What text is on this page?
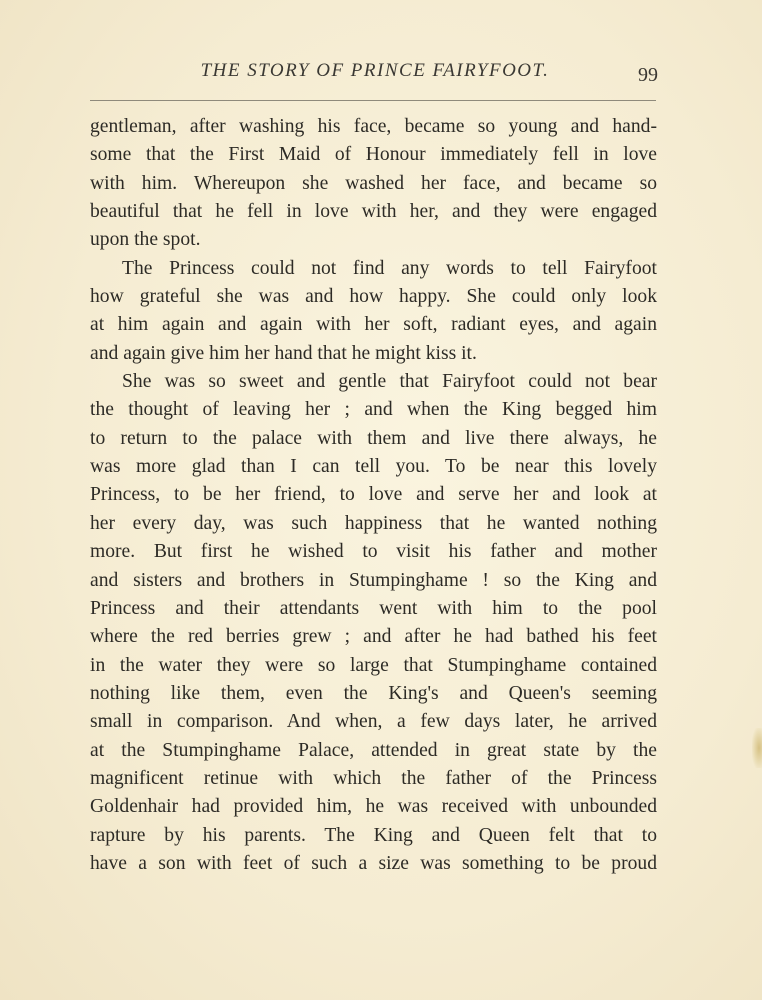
THE STORY OF PRINCE FAIRYFOOT.	99
gentleman, after washing his face, became so young and hand-
some that the First Maid of Honour immediately fell in love
with him. Whereupon she washed her face, and became so
beautiful that he fell in love with her, and they were engaged
upon the spot.
The Princess could not find any words to tell Fairyfoot
how grateful she was and how happy. She could only look
at him again and again with her soft, radiant eyes, and again
and again give him her hand that he might kiss it.
She was so sweet and gentle that Fairyfoot could not bear
the thought of leaving her ; and when the King begged him
to return to the palace with them and live there always, he
was more glad than I can tell you. To be near this lovely
Princess, to be her friend, to love and serve her and look at
her every day, was such happiness that he wanted nothing
more. But first he wished to visit his father and mother
and sisters and brothers in Stumpinghame ! so the King and
Princess and their attendants went with him to the pool
where the red berries grew ; and after he had bathed his feet
in the water they were so large that Stumpinghame contained
nothing like them, even the King's and Queen's seeming
small in comparison. And when, a few days later, he arrived
at the Stumpinghame Palace, attended in great state by the
magnificent retinue with which the father of the Princess
Goldenhair had provided him, he was received with unbounded
rapture by his parents. The King and Queen felt that to
have a son with feet of such a size was something to be proud
